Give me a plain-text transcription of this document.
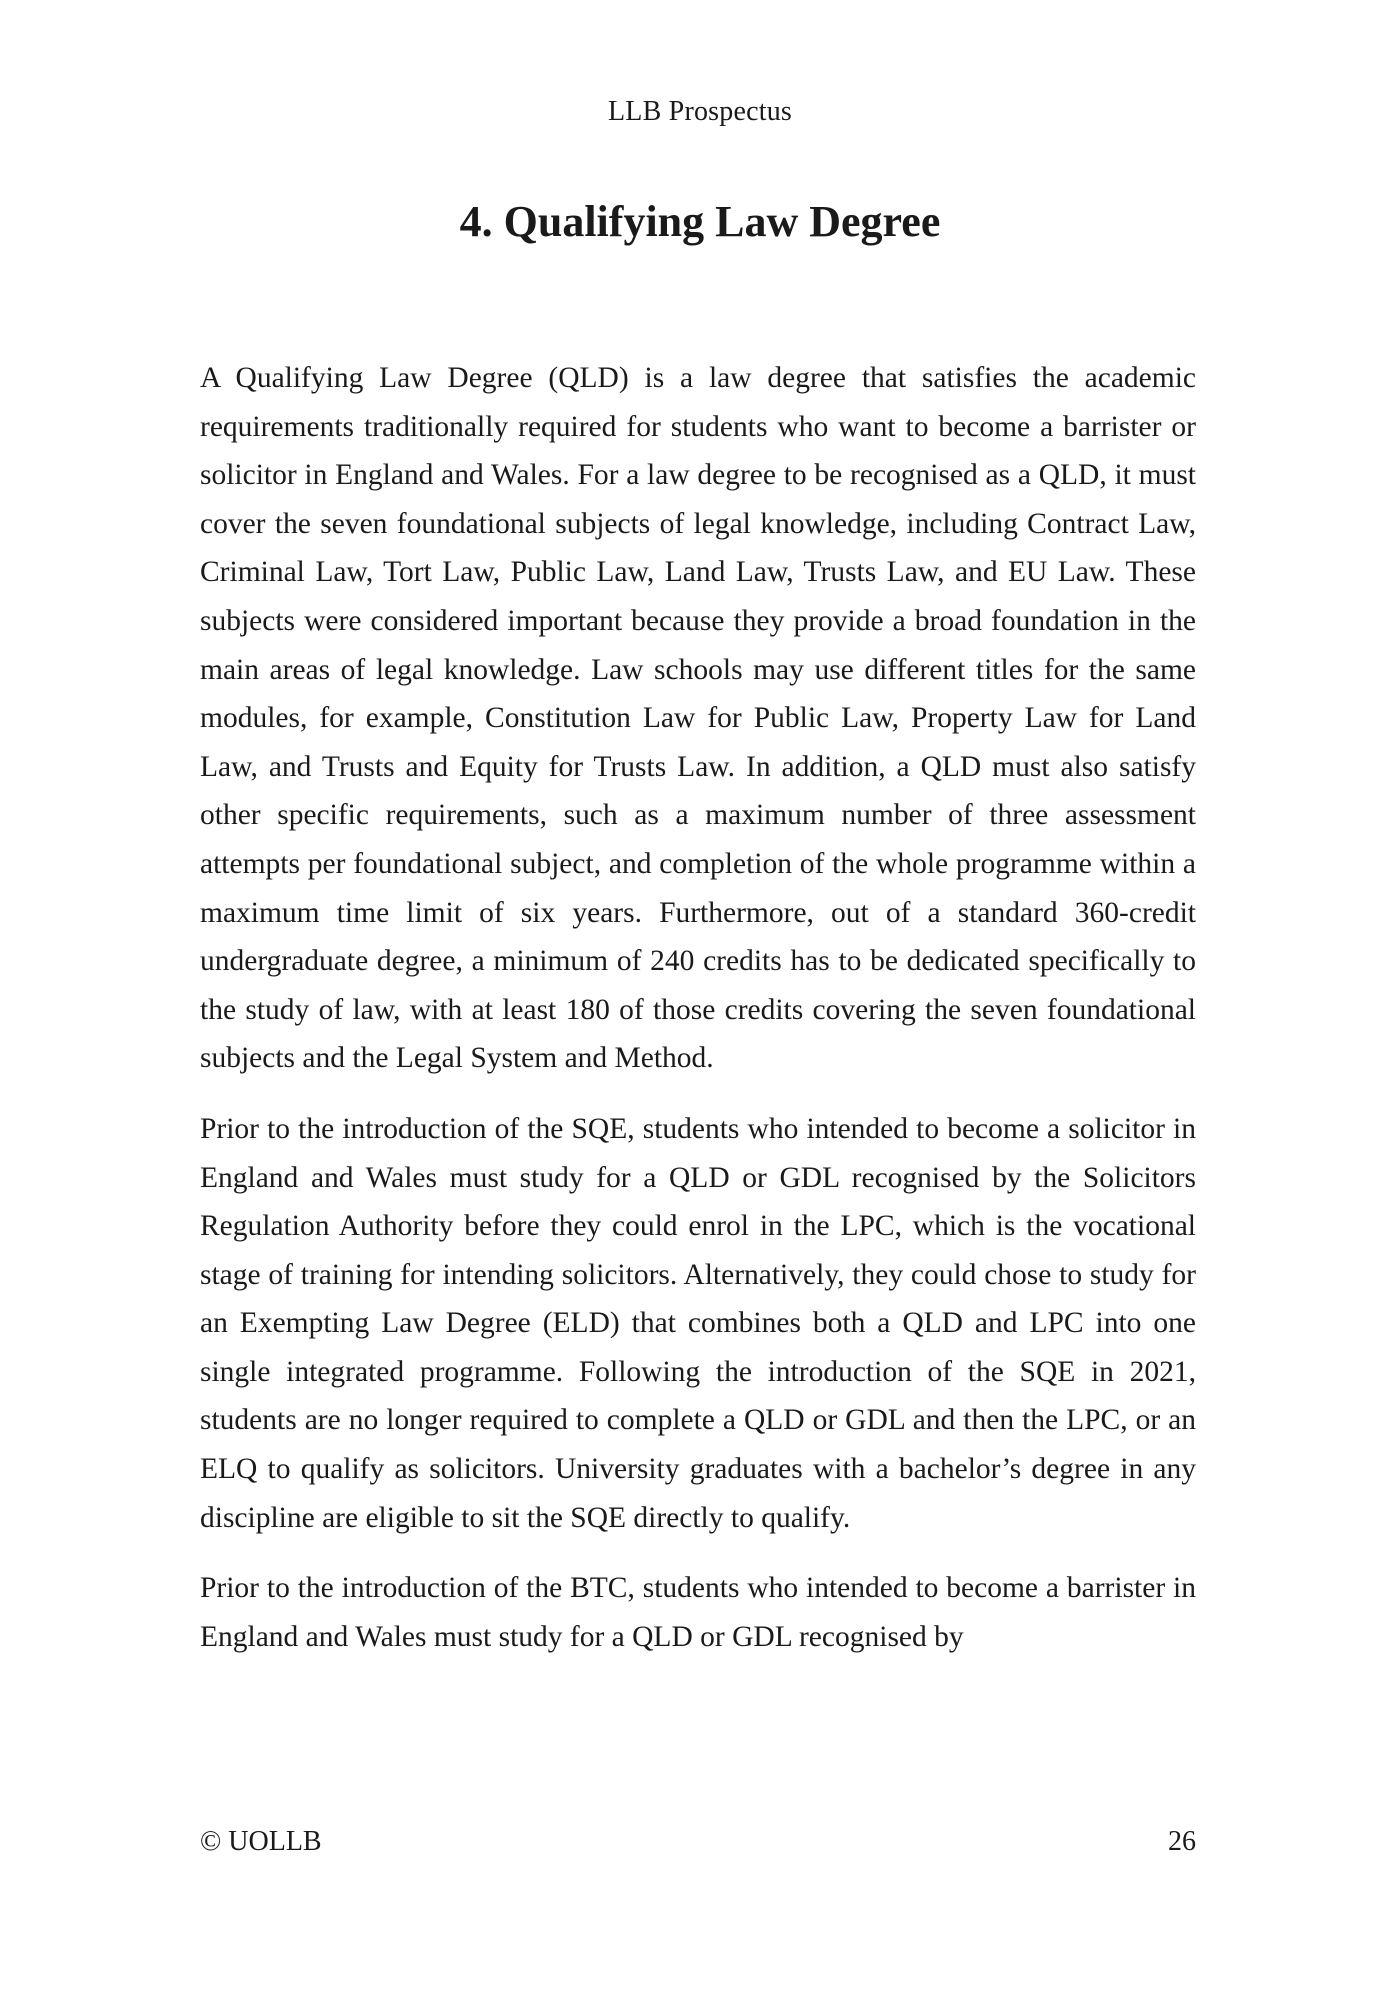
LLB Prospectus
4. Qualifying Law Degree

A Qualifying Law Degree (QLD) is a law degree that satisfies the academic requirements traditionally required for students who want to become a barrister or solicitor in England and Wales. For a law degree to be recognised as a QLD, it must cover the seven foundational subjects of legal knowledge, including Contract Law, Criminal Law, Tort Law, Public Law, Land Law, Trusts Law, and EU Law. These subjects were considered important because they provide a broad foundation in the main areas of legal knowledge. Law schools may use different titles for the same modules, for example, Constitution Law for Public Law, Property Law for Land Law, and Trusts and Equity for Trusts Law. In addition, a QLD must also satisfy other specific requirements, such as a maximum number of three assessment attempts per foundational subject, and completion of the whole programme within a maximum time limit of six years. Furthermore, out of a standard 360-credit undergraduate degree, a minimum of 240 credits has to be dedicated specifically to the study of law, with at least 180 of those credits covering the seven foundational subjects and the Legal System and Method.

Prior to the introduction of the SQE, students who intended to become a solicitor in England and Wales must study for a QLD or GDL recognised by the Solicitors Regulation Authority before they could enrol in the LPC, which is the vocational stage of training for intending solicitors. Alternatively, they could chose to study for an Exempting Law Degree (ELD) that combines both a QLD and LPC into one single integrated programme. Following the introduction of the SQE in 2021, students are no longer required to complete a QLD or GDL and then the LPC, or an ELQ to qualify as solicitors. University graduates with a bachelor’s degree in any discipline are eligible to sit the SQE directly to qualify.

Prior to the introduction of the BTC, students who intended to become a barrister in England and Wales must study for a QLD or GDL recognised by

© UOLLB	26
